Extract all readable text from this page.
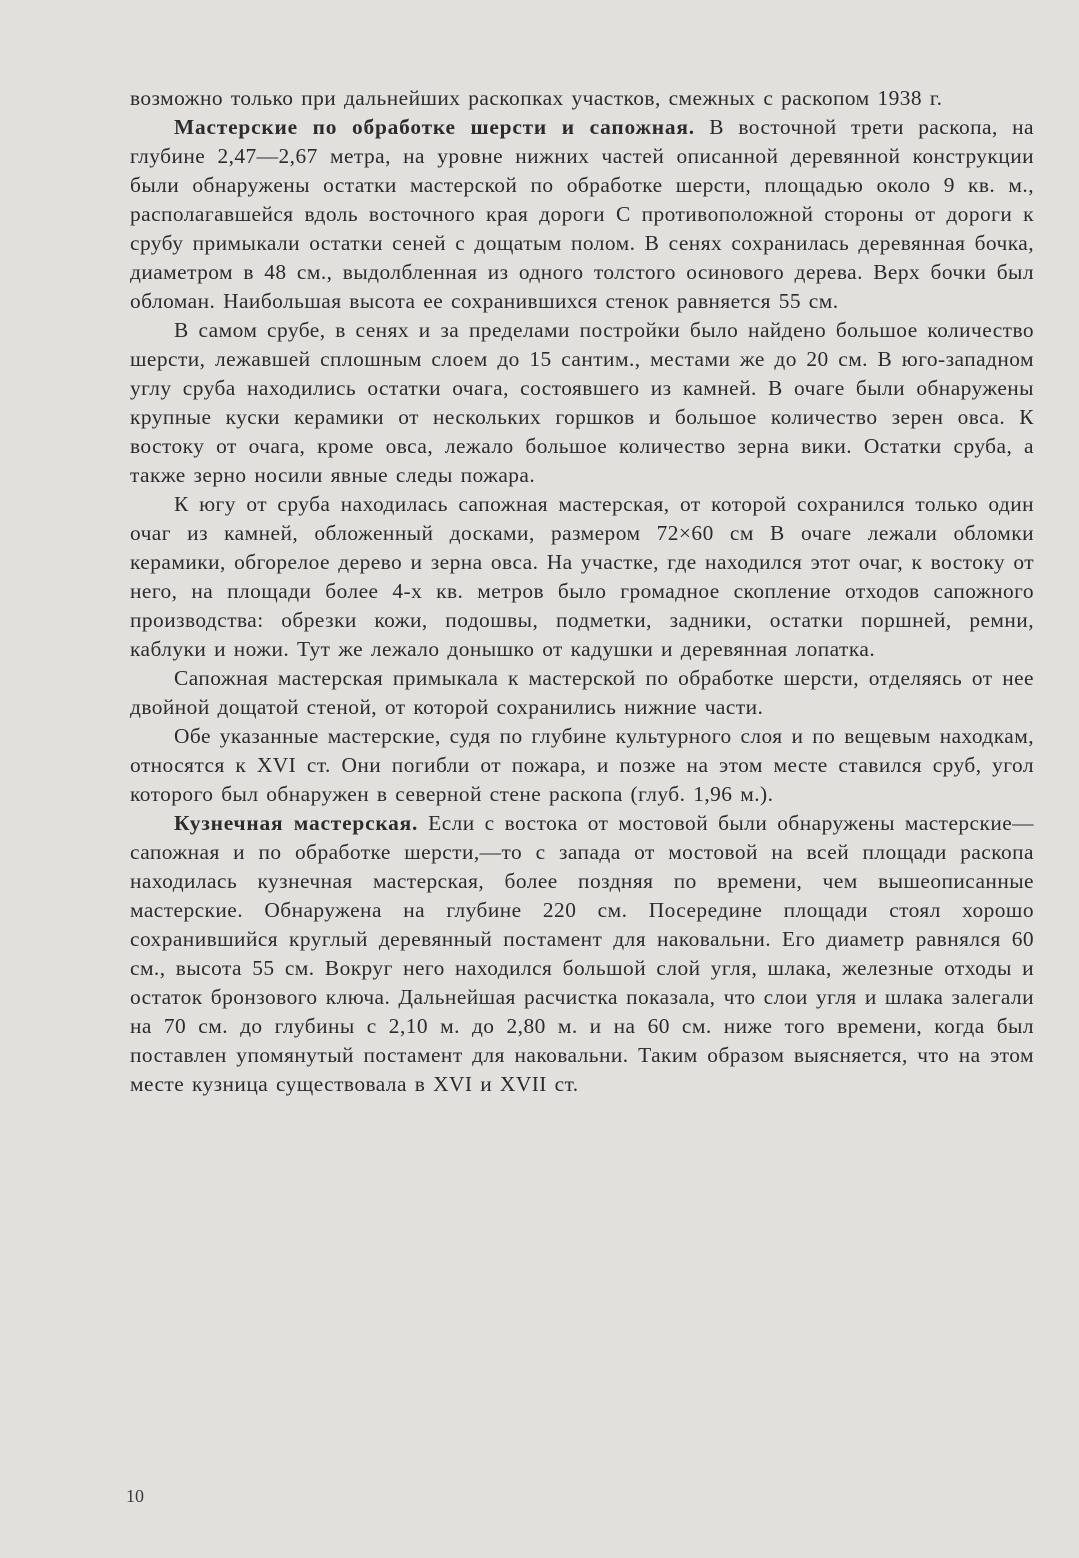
возможно только при дальнейших раскопках участков, смежных с раскопом 1938 г.

Мастерские по обработке шерсти и сапожная. В восточной трети раскопа, на глубине 2,47—2,67 метра, на уровне нижних частей описанной деревянной конструкции были обнаружены остатки мастерской по обработке шерсти, площадью около 9 кв. м., располагавшейся вдоль восточного края дороги С противоположной стороны от дороги к срубу примыкали остатки сеней с дощатым полом. В сенях сохранилась деревянная бочка, диаметром в 48 см., выдолбленная из одного толстого осинового дерева. Верх бочки был обломан. Наибольшая высота ее сохранившихся стенок равняется 55 см.

В самом срубе, в сенях и за пределами постройки было найдено большое количество шерсти, лежавшей сплошным слоем до 15 сантим., местами же до 20 см. В юго-западном углу сруба находились остатки очага, состоявшего из камней. В очаге были обнаружены крупные куски керамики от нескольких горшков и большое количество зерен овса. К востоку от очага, кроме овса, лежало большое количество зерна вики. Остатки сруба, а также зерно носили явные следы пожара.

К югу от сруба находилась сапожная мастерская, от которой сохранился только один очаг из камней, обложенный досками, размером 72×60 см В очаге лежали обломки керамики, обгорелое дерево и зерна овса. На участке, где находился этот очаг, к востоку от него, на площади более 4-х кв. метров было громадное скопление отходов сапожного производства: обрезки кожи, подошвы, подметки, задники, остатки поршней, ремни, каблуки и ножи. Тут же лежало донышко от кадушки и деревянная лопатка.

Сапожная мастерская примыкала к мастерской по обработке шерсти, отделяясь от нее двойной дощатой стеной, от которой сохранились нижние части.

Обе указанные мастерские, судя по глубине культурного слоя и по вещевым находкам, относятся к XVI ст. Они погибли от пожара, и позже на этом месте ставился сруб, угол которого был обнаружен в северной стене раскопа (глуб. 1,96 м.).

Кузнечная мастерская. Если с востока от мостовой были обнаружены мастерские—сапожная и по обработке шерсти,—то с запада от мостовой на всей площади раскопа находилась кузнечная мастерская, более поздняя по времени, чем вышеописанные мастерские. Обнаружена на глубине 220 см. Посередине площади стоял хорошо сохранившийся круглый деревянный постамент для наковальни. Его диаметр равнялся 60 см., высота 55 см. Вокруг него находился большой слой угля, шлака, железные отходы и остаток бронзового ключа. Дальнейшая расчистка показала, что слои угля и шлака залегали на 70 см. до глубины с 2,10 м. до 2,80 м. и на 60 см. ниже того времени, когда был поставлен упомянутый постамент для наковальни. Таким образом выясняется, что на этом месте кузница существовала в XVI и XVII ст.

10
